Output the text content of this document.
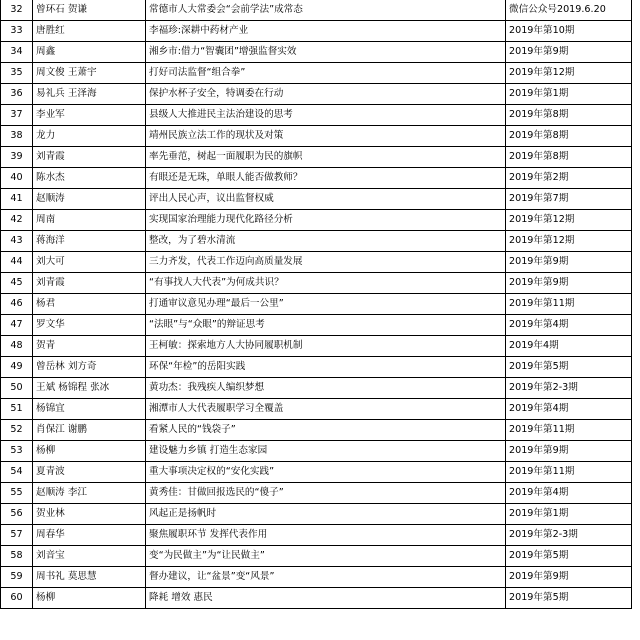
32	曾环石 贺谦	常德市人大常委会“会前学法”成常态	微信公众号2019.6.20
33	唐胜红	李福珍:深耕中药材产业	2019年第10期
34	周鑫	湘乡市:借力“智囊团”增强监督实效	2019年第9期
35	周文俊 王萧宇	打好司法监督“组合拳”	2019年第12期
36	易礼兵 王泽海	保护水杯子安全，特调委在行动	2019年第1期
37	李业军	县级人大推进民主法治建设的思考	2019年第8期
38	龙力	靖州民族立法工作的现状及对策	2019年第8期
39	刘青霞	率先垂范，树起一面履职为民的旗帜	2019年第8期
40	陈水杰	有眼还是无珠，单眼人能否做教师？	2019年第2期
41	赵顺涛	评出人民心声，议出监督权威	2019年第7期
42	周南	实现国家治理能力现代化路径分析	2019年第12期
43	蒋海洋	整改，为了碧水清流	2019年第12期
44	刘大可	三力齐发，代表工作迈向高质量发展	2019年第9期
45	刘青霞	“有事找人大代表”为何成共识？	2019年第9期
46	杨君	打通审议意见办理“最后一公里”	2019年第11期
47	罗文华	“法眼”与“众眼”的辩证思考	2019年第4期
48	贺青	王柯敏：探索地方人大协同履职机制	2019年4期
49	曾岳林 刘方奇	环保“年检”的岳阳实践	2019年第5期
50	王斌 杨锦程 张冰	黄功杰：我残疾人编织梦想	2019年第2-3期
51	杨锦宜	湘潭市人大代表履职学习全覆盖	2019年第4期
52	肖保江 谢鹏	看紧人民的“钱袋子”	2019年第11期
53	杨柳	建设魅力乡镇 打造生态家园	2019年第9期
54	夏青波	重大事项决定权的“安化实践”	2019年第11期
55	赵顺涛 李江	黄秀佳：甘做回报选民的“傻子”	2019年第4期
56	贺业林	风起正是扬帆时	2019年第1期
57	周春华	聚焦履职环节 发挥代表作用	2019年第2-3期
58	刘音宝	变“为民做主”为“让民做主”	2019年第5期
59	周书礼 莫思慧	督办建议，让“盆景”变“风景”	2019年第9期
60	杨柳	降耗 增效 惠民	2019年第5期
